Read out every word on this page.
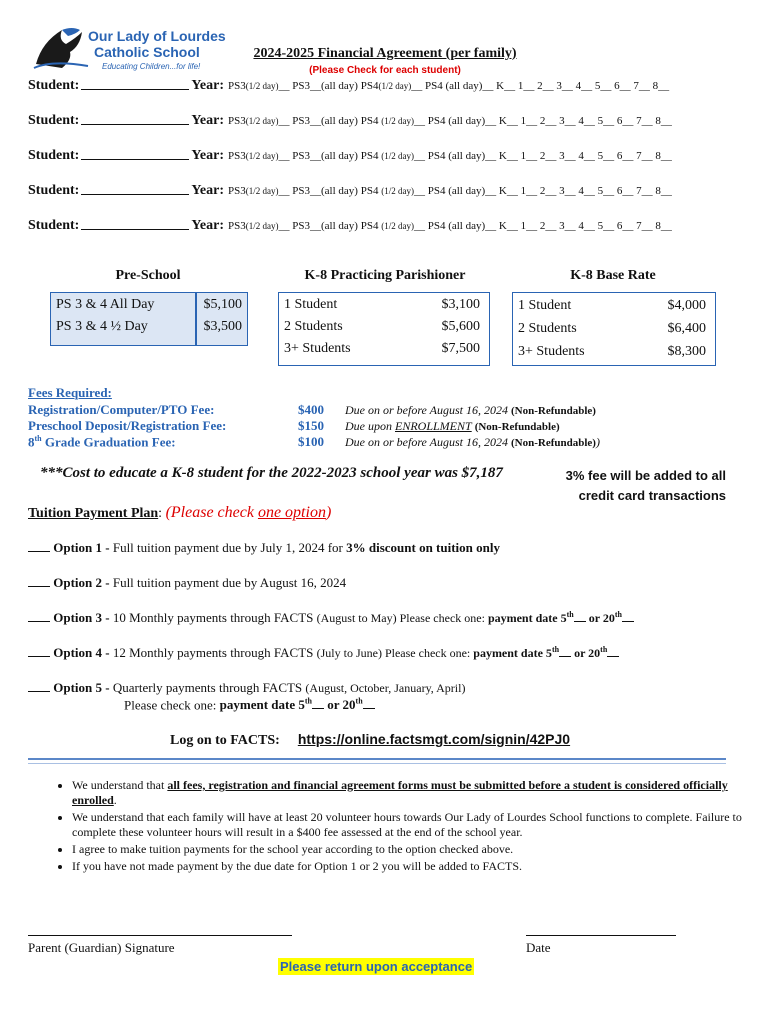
Our Lady of Lourdes
Catholic School
Educating Children...for life!
2024-2025 Financial Agreement (per family)
(Please Check for each student)
Student:	Year: PS3(1/2 day)__ PS3__(all day) PS4(1/2 day)__ PS4 (all day)__ K__ 1__ 2__ 3__ 4__ 5__ 6__ 7__ 8__
Student:	Year: PS3(1/2 day)__ PS3__(all day) PS4 (1/2 day)__ PS4 (all day)__ K__ 1__ 2__ 3__ 4__ 5__ 6__ 7__ 8__
Student:	Year: PS3(1/2 day)__ PS3__(all day) PS4 (1/2 day)__ PS4 (all day)__ K__ 1__ 2__ 3__ 4__ 5__ 6__ 7__ 8__
Student:	Year: PS3(1/2 day)__ PS3__(all day) PS4 (1/2 day)__ PS4 (all day)__ K__ 1__ 2__ 3__ 4__ 5__ 6__ 7__ 8__
Student:	Year: PS3(1/2 day)__ PS3__(all day) PS4 (1/2 day)__ PS4 (all day)__ K__ 1__ 2__ 3__ 4__ 5__ 6__ 7__ 8__
Pre-School	K-8 Practicing Parishioner	K-8 Base Rate
PS 3 & 4 All Day	$5,100
PS 3 & 4 ½ Day	$3,500
1 Student	$3,100
2 Students	$5,600
3+ Students	$7,500
1 Student	$4,000
2 Students	$6,400
3+ Students	$8,300
Fees Required:
Registration/Computer/PTO Fee:	$400 Due on or before August 16, 2024 (Non-Refundable)
Preschool Deposit/Registration Fee:	$150 Due upon ENROLLMENT (Non-Refundable)
8th Grade Graduation Fee:	$100 Due on or before August 16, 2024 (Non-Refundable))
***Cost to educate a K-8 student for the 2022-2023 school year was $7,187	3% fee will be added to all credit card transactions
Tuition Payment Plan: (Please check one option)
Option 1 - Full tuition payment due by July 1, 2024 for 3% discount on tuition only
Option 2 - Full tuition payment due by August 16, 2024
Option 3 - 10 Monthly payments through FACTS (August to May) Please check one: payment date 5th or 20th
Option 4 - 12 Monthly payments through FACTS (July to June) Please check one: payment date 5th or 20th
Option 5 - Quarterly payments through FACTS (August, October, January, April)
Please check one: payment date 5th or 20th
Log on to FACTS: https://online.factsmgt.com/signin/42PJ0
• We understand that all fees, registration and financial agreement forms must be submitted before a student is considered officially enrolled.
• We understand that each family will have at least 20 volunteer hours towards Our Lady of Lourdes School functions to complete. Failure to complete these volunteer hours will result in a $400 fee assessed at the end of the school year.
• I agree to make tuition payments for the school year according to the option checked above.
• If you have not made payment by the due date for Option 1 or 2 you will be added to FACTS.
Parent (Guardian) Signature	Date
Please return upon acceptance
